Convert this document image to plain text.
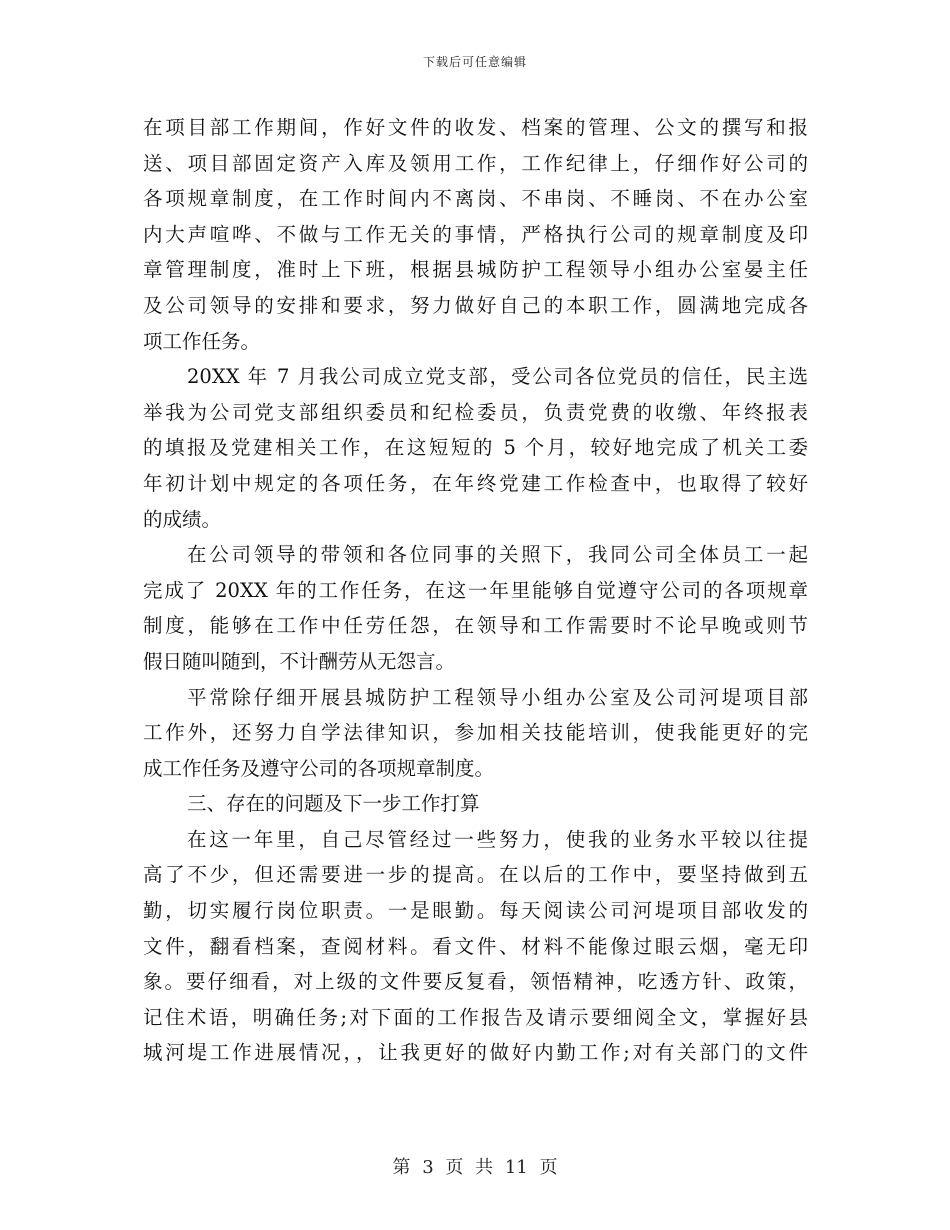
下载后可任意编辑
在项目部工作期间，作好文件的收发、档案的管理、公文的撰写和报
送、项目部固定资产入库及领用工作，工作纪律上，仔细作好公司的
各项规章制度，在工作时间内不离岗、不串岗、不睡岗、不在办公室
内大声喧哗、不做与工作无关的事情，严格执行公司的规章制度及印
章管理制度，准时上下班，根据县城防护工程领导小组办公室晏主任
及公司领导的安排和要求，努力做好自己的本职工作，圆满地完成各
项工作任务。
20XX 年 7 月我公司成立党支部，受公司各位党员的信任，民主选
举我为公司党支部组织委员和纪检委员，负责党费的收缴、年终报表
的填报及党建相关工作，在这短短的 5 个月，较好地完成了机关工委
年初计划中规定的各项任务，在年终党建工作检查中，也取得了较好
的成绩。
在公司领导的带领和各位同事的关照下，我同公司全体员工一起
完成了 20XX 年的工作任务，在这一年里能够自觉遵守公司的各项规章
制度，能够在工作中任劳任怨，在领导和工作需要时不论早晚或则节
假日随叫随到，不计酬劳从无怨言。
平常除仔细开展县城防护工程领导小组办公室及公司河堤项目部
工作外，还努力自学法律知识，参加相关技能培训，使我能更好的完
成工作任务及遵守公司的各项规章制度。
三、存在的问题及下一步工作打算
在这一年里，自己尽管经过一些努力，使我的业务水平较以往提
高了不少，但还需要进一步的提高。在以后的工作中，要坚持做到五
勤，切实履行岗位职责。一是眼勤。每天阅读公司河堤项目部收发的
文件，翻看档案，查阅材料。看文件、材料不能像过眼云烟，毫无印
象。要仔细看，对上级的文件要反复看，领悟精神，吃透方针、政策，
记住术语，明确任务;对下面的工作报告及请示要细阅全文，掌握好县
城河堤工作进展情况，，让我更好的做好内勤工作;对有关部门的文件
第 3 页 共 11 页
